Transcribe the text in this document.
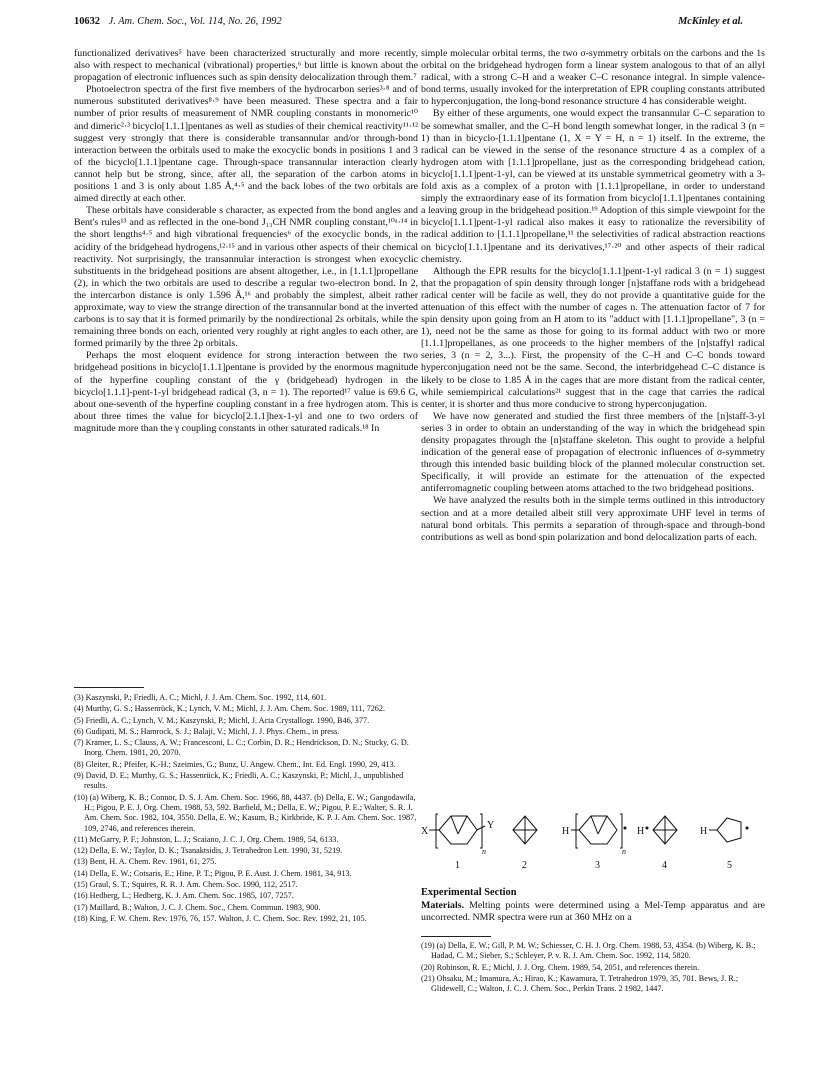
10632 J. Am. Chem. Soc., Vol. 114, No. 26, 1992	McKinley et al.

functionalized derivatives⁵ have been characterized structurally and more recently, also with respect to mechanical (vibrational) properties,⁶ but little is known about the propagation of electronic influences such as spin density delocalization through them.⁷

Photoelectron spectra of the first five members of the hydrocarbon series³·⁸ and of numerous substituted derivatives⁸·⁹ have been measured. These spectra and a fair number of prior results of measurement of NMR coupling constants in monomeric¹⁰ and dimeric²·³ bicyclo[1.1.1]pentanes as well as studies of their chemical reactivity¹¹·¹² suggest very strongly that there is considerable transannular and/or through-bond interaction between the orbitals used to make the exocyclic bonds in positions 1 and 3 of the bicyclo[1.1.1]pentane cage. Through-space transannular interaction clearly cannot help but be strong, since, after all, the separation of the carbon atoms in positions 1 and 3 is only about 1.85 Å,⁴·⁵ and the back lobes of the two orbitals are aimed directly at each other.

These orbitals have considerable s character, as expected from the bond angles and Bent's rules¹³ and as reflected in the one-bond J₁₃CH NMR coupling constant,¹⁰ᵃ·¹⁴ in the short lengths⁴·⁵ and high vibrational frequencies⁶ of the exocyclic bonds, in the acidity of the bridgehead hydrogens,¹²·¹⁵ and in various other aspects of their chemical reactivity. Not surprisingly, the transannular interaction is strongest when exocyclic substituents in the bridgehead positions are absent altogether, i.e., in [1.1.1]propellane (2), in which the two orbitals are used to describe a regular two-electron bond. In 2, the intercarbon distance is only 1.596 Å,¹⁶ and probably the simplest, albeit rather approximate, way to view the strange direction of the transannular bond at the inverted carbons is to say that it is formed primarily by the nondirectional 2s orbitals, while the remaining three bonds on each, oriented very roughly at right angles to each other, are formed primarily by the three 2p orbitals.

Perhaps the most eloquent evidence for strong interaction between the two bridgehead positions in bicyclo[1.1.1]pentane is provided by the enormous magnitude of the hyperfine coupling constant of the γ (bridgehead) hydrogen in the bicyclo[1.1.1]-pent-1-yl bridgehead radical (3, n = 1). The reported¹⁷ value is 69.6 G, about one-seventh of the hyperfine coupling constant in a free hydrogen atom. This is about three times the value for bicyclo[2.1.1]hex-1-yl and one to two orders of magnitude more than the γ coupling constants in other saturated radicals.¹⁸ In

(3) Kaszynski, P.; Friedli, A. C.; Michl, J. J. Am. Chem. Soc. 1992, 114, 601.
(4) Murthy, G. S.; Hassenrück, K.; Lynch, V. M.; Michl, J. J. Am. Chem. Soc. 1989, 111, 7262.
(5) Friedli, A. C.; Lynch, V. M.; Kaszynski, P.; Michl, J. Acta Crystallogr. 1990, B46, 377.
(6) Gudipati, M. S.; Hamrock, S. J.; Balaji, V.; Michl, J. J. Phys. Chem., in press.
(7) Kramer, L. S.; Clauss, A. W.; Francesconi, L. C.; Corbin, D. R.; Hendrickson, D. N.; Stucky, G. D. Inorg. Chem. 1981, 20, 2070.
(8) Gleiter, R.; Pfeifer, K.-H.; Szeimies, G.; Bunz, U. Angew. Chem., Int. Ed. Engl. 1990, 29, 413.
(9) David, D. E.; Murthy, G. S.; Hassenrück, K.; Friedli, A. C.; Kaszynski, P.; Michl, J., unpublished results.
(10) (a) Wiberg, K. B.; Connor, D. S. J. Am. Chem. Soc. 1966, 88, 4437. (b) Della, E. W.; Gangodawila, H.; Pigou, P. E. J. Org. Chem. 1988, 53, 592. Barfield, M.; Della, E. W.; Pigou, P. E.; Walter, S. R. J. Am. Chem. Soc. 1982, 104, 3550. Della, E. W.; Kasum, B.; Kirkbride, K. P. J. Am. Chem. Soc. 1987, 109, 2746, and references therein.
(11) McGarry, P. F.; Johnston, L. J.; Scaiano, J. C. J. Org. Chem. 1989, 54, 6133.
(12) Della, E. W.; Taylor, D. K.; Tsanaktsidis, J. Tetrahedron Lett. 1990, 31, 5219.
(13) Bent, H. A. Chem. Rev. 1961, 61, 275.
(14) Della, E. W.; Cotsaris, E.; Hine, P. T.; Pigou, P. E. Aust. J. Chem. 1981, 34, 913.
(15) Graul, S. T.; Squires, R. R. J. Am. Chem. Soc. 1990, 112, 2517.
(16) Hedberg, L.; Hedberg, K. J. Am. Chem. Soc. 1985, 107, 7257.
(17) Maillard, B.; Walton, J. C. J. Chem. Soc., Chem. Commun. 1983, 900.
(18) King, F. W. Chem. Rev. 1976, 76, 157. Walton, J. C. Chem. Soc. Rev. 1992, 21, 105.

simple molecular orbital terms, the two σ-symmetry orbitals on the carbons and the 1s orbital on the bridgehead hydrogen form a linear system analogous to that of an allyl radical, with a strong C–H and a weaker C–C resonance integral. In simple valence-bond terms, usually invoked for the interpretation of EPR coupling constants attributed to hyperconjugation, the long-bond resonance structure 4 has considerable weight.

By either of these arguments, one would expect the transannular C–C separation to be somewhat smaller, and the C–H bond length somewhat longer, in the radical 3 (n = 1) than in bicyclo-[1.1.1]pentane (1, X = Y = H, n = 1) itself. In the extreme, the radical can be viewed in the sense of the resonance structure 4 as a complex of a hydrogen atom with [1.1.1]propellane, just as the corresponding bridgehead cation, bicyclo[1.1.1]pent-1-yl, can be viewed at its unstable symmetrical geometry with a 3-fold axis as a complex of a proton with [1.1.1]propellane, in order to understand simply the extraordinary ease of its formation from bicyclo[1.1.1]pentanes containing a leaving group in the bridgehead position.¹⁹ Adoption of this simple viewpoint for the bicyclo[1.1.1]pent-1-yl radical also makes it easy to rationalize the reversibility of radical addition to [1.1.1]propellane,¹¹ the selectivities of radical abstraction reactions on bicyclo[1.1.1]pentane and its derivatives,¹⁷·²⁰ and other aspects of their radical chemistry.

Although the EPR results for the bicyclo[1.1.1]pent-1-yl radical 3 (n = 1) suggest that the propagation of spin density through longer [n]staffane rods with a bridgehead radical center will be facile as well, they do not provide a quantitative guide for the attenuation of this effect with the number of cages n. The attenuation factor of 7 for spin density upon going from an H atom to its "adduct with [1.1.1]propellane", 3 (n = 1), need not be the same as those for going to its formal adduct with two or more [1.1.1]propellanes, as one proceeds to the higher members of the [n]staffyl radical series, 3 (n = 2, 3...). First, the propensity of the C–H and C–C bonds toward hyperconjugation need not be the same. Second, the interbridgehead C–C distance is likely to be close to 1.85 Å in the cages that are more distant from the radical center, while semiempirical calculations²¹ suggest that in the cage that carries the radical center, it is shorter and thus more conducive to strong hyperconjugation.

We have now generated and studied the first three members of the [n]staff-3-yl series 3 in order to obtain an understanding of the way in which the bridgehead spin density propagates through the [n]staffane skeleton. This ought to provide a helpful indication of the general ease of propagation of electronic influences of σ-symmetry through this intended basic building block of the planned molecular construction set. Specifically, it will provide an estimate for the attenuation of the expected antiferromagnetic coupling between atoms attached to the two bridgehead positions.

We have analyzed the results both in the simple terms outlined in this introductory section and at a more detailed albeit still very approximate UHF level in terms of natural bond orbitals. This permits a separation of through-space and through-bond contributions as well as bond spin polarization and bond delocalization parts of each.

X
Y
n
H
n
H	H
1	2	3	4	5
Experimental Section
Materials. Melting points were determined using a Mel-Temp apparatus and are uncorrected. NMR spectra were run at 360 MHz on a
(19) (a) Della, E. W.; Gill, P. M. W.; Schiesser, C. H. J. Org. Chem. 1988, 53, 4354. (b) Wiberg, K. B.; Hadad, C. M.; Sieber, S.; Schleyer, P. v. R. J. Am. Chem. Soc. 1992, 114, 5820.
(20) Robinson, R. E.; Michl, J. J. Org. Chem. 1989, 54, 2051, and references therein.
(21) Ohsaku, M.; Imamura, A.; Hirao, K.; Kawamura, T. Tetrahedron 1979, 35, 701. Bews, J. R.; Glidewell, C.; Walton, J. C. J. Chem. Soc., Perkin Trans. 2 1982, 1447.
